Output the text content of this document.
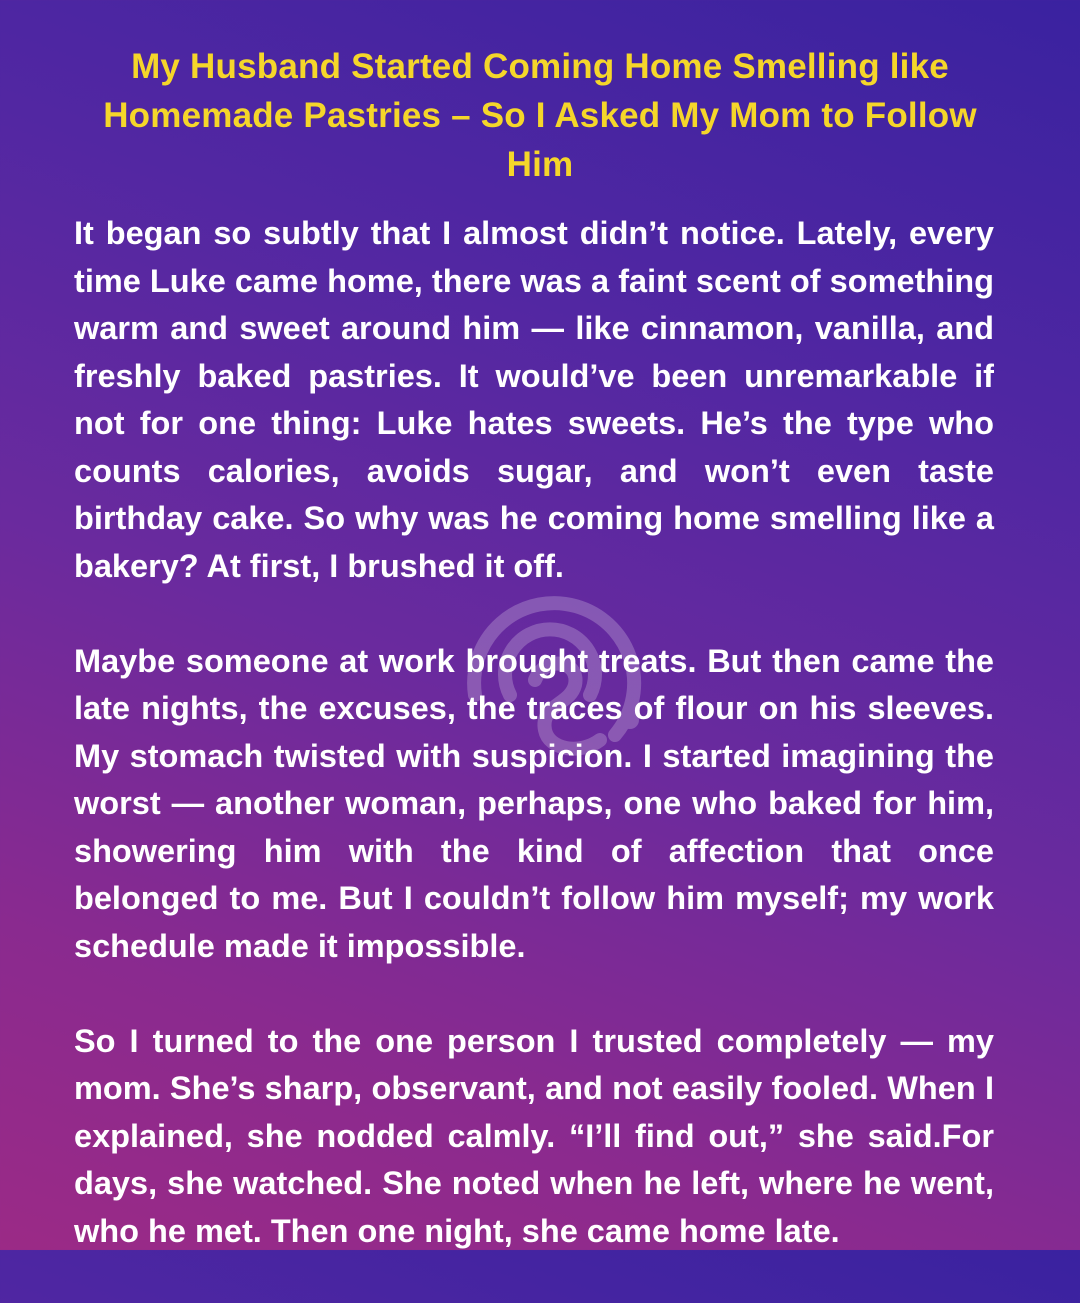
My Husband Started Coming Home Smelling like Homemade Pastries – So I Asked My Mom to Follow Him

It began so subtly that I almost didn’t notice. Lately, every time Luke came home, there was a faint scent of something warm and sweet around him — like cinnamon, vanilla, and freshly baked pastries. It would’ve been unremarkable if not for one thing: Luke hates sweets. He’s the type who counts calories, avoids sugar, and won’t even taste birthday cake. So why was he coming home smelling like a bakery? At first, I brushed it off.

Maybe someone at work brought treats. But then came the late nights, the excuses, the traces of flour on his sleeves. My stomach twisted with suspicion. I started imagining the worst — another woman, perhaps, one who baked for him, showering him with the kind of affection that once belonged to me. But I couldn’t follow him myself; my work schedule made it impossible.

So I turned to the one person I trusted completely — my mom. She’s sharp, observant, and not easily fooled. When I explained, she nodded calmly. “I’ll find out,” she said.For days, she watched. She noted when he left, where he went, who he met. Then one night, she came home late.
